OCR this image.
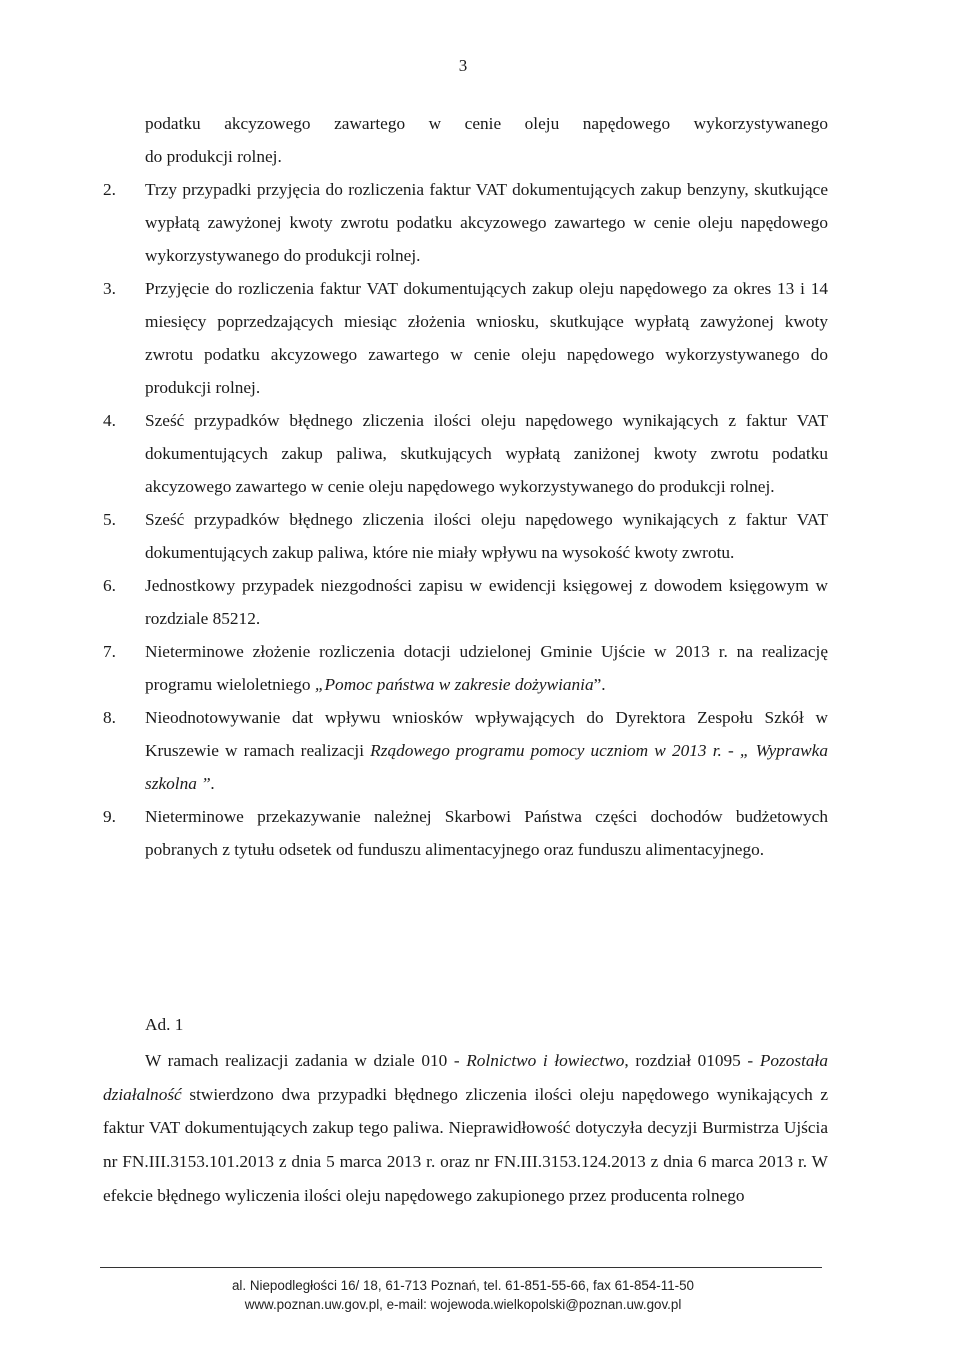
3
podatku akcyzowego zawartego w cenie oleju napędowego wykorzystywanego
do produkcji rolnej.
2. Trzy przypadki przyjęcia do rozliczenia faktur VAT dokumentujących zakup benzyny, skutkujące wypłatą zawyżonej kwoty zwrotu podatku akcyzowego zawartego w cenie oleju napędowego wykorzystywanego do produkcji rolnej.
3. Przyjęcie do rozliczenia faktur VAT dokumentujących zakup oleju napędowego za okres 13 i 14 miesięcy poprzedzających miesiąc złożenia wniosku, skutkujące wypłatą zawyżonej kwoty zwrotu podatku akcyzowego zawartego w cenie oleju napędowego wykorzystywanego do produkcji rolnej.
4. Sześć przypadków błędnego zliczenia ilości oleju napędowego wynikających z faktur VAT dokumentujących zakup paliwa, skutkujących wypłatą zaniżonej kwoty zwrotu podatku akcyzowego zawartego w cenie oleju napędowego wykorzystywanego do produkcji rolnej.
5. Sześć przypadków błędnego zliczenia ilości oleju napędowego wynikających z faktur VAT dokumentujących zakup paliwa, które nie miały wpływu na wysokość kwoty zwrotu.
6. Jednostkowy przypadek niezgodności zapisu w ewidencji księgowej z dowodem księgowym w rozdziale 85212.
7. Nieterminowe złożenie rozliczenia dotacji udzielonej Gminie Ujście w 2013 r. na realizację programu wieloletniego „Pomoc państwa w zakresie dożywiania”.
8. Nieodnotowywanie dat wpływu wniosków wpływających do Dyrektora Zespołu Szkół w Kruszewie w ramach realizacji Rządowego programu pomocy uczniom w 2013 r. - „ Wyprawka szkolna ”.
9. Nieterminowe przekazywanie należnej Skarbowi Państwa części dochodów budżetowych pobranych z tytułu odsetek od funduszu alimentacyjnego oraz funduszu alimentacyjnego.

Ad. 1

W ramach realizacji zadania w dziale 010 - Rolnictwo i łowiectwo, rozdział 01095 - Pozostała działalność stwierdzono dwa przypadki błędnego zliczenia ilości oleju napędowego wynikających z faktur VAT dokumentujących zakup tego paliwa. Nieprawidłowość dotyczyła decyzji Burmistrza Ujścia nr FN.III.3153.101.2013 z dnia 5 marca 2013 r. oraz nr FN.III.3153.124.2013 z dnia 6 marca 2013 r. W efekcie błędnego wyliczenia ilości oleju napędowego zakupionego przez producenta rolnego

al. Niepodległości 16/ 18, 61-713 Poznań, tel. 61-851-55-66, fax 61-854-11-50
www.poznan.uw.gov.pl, e-mail: wojewoda.wielkopolski@poznan.uw.gov.pl
